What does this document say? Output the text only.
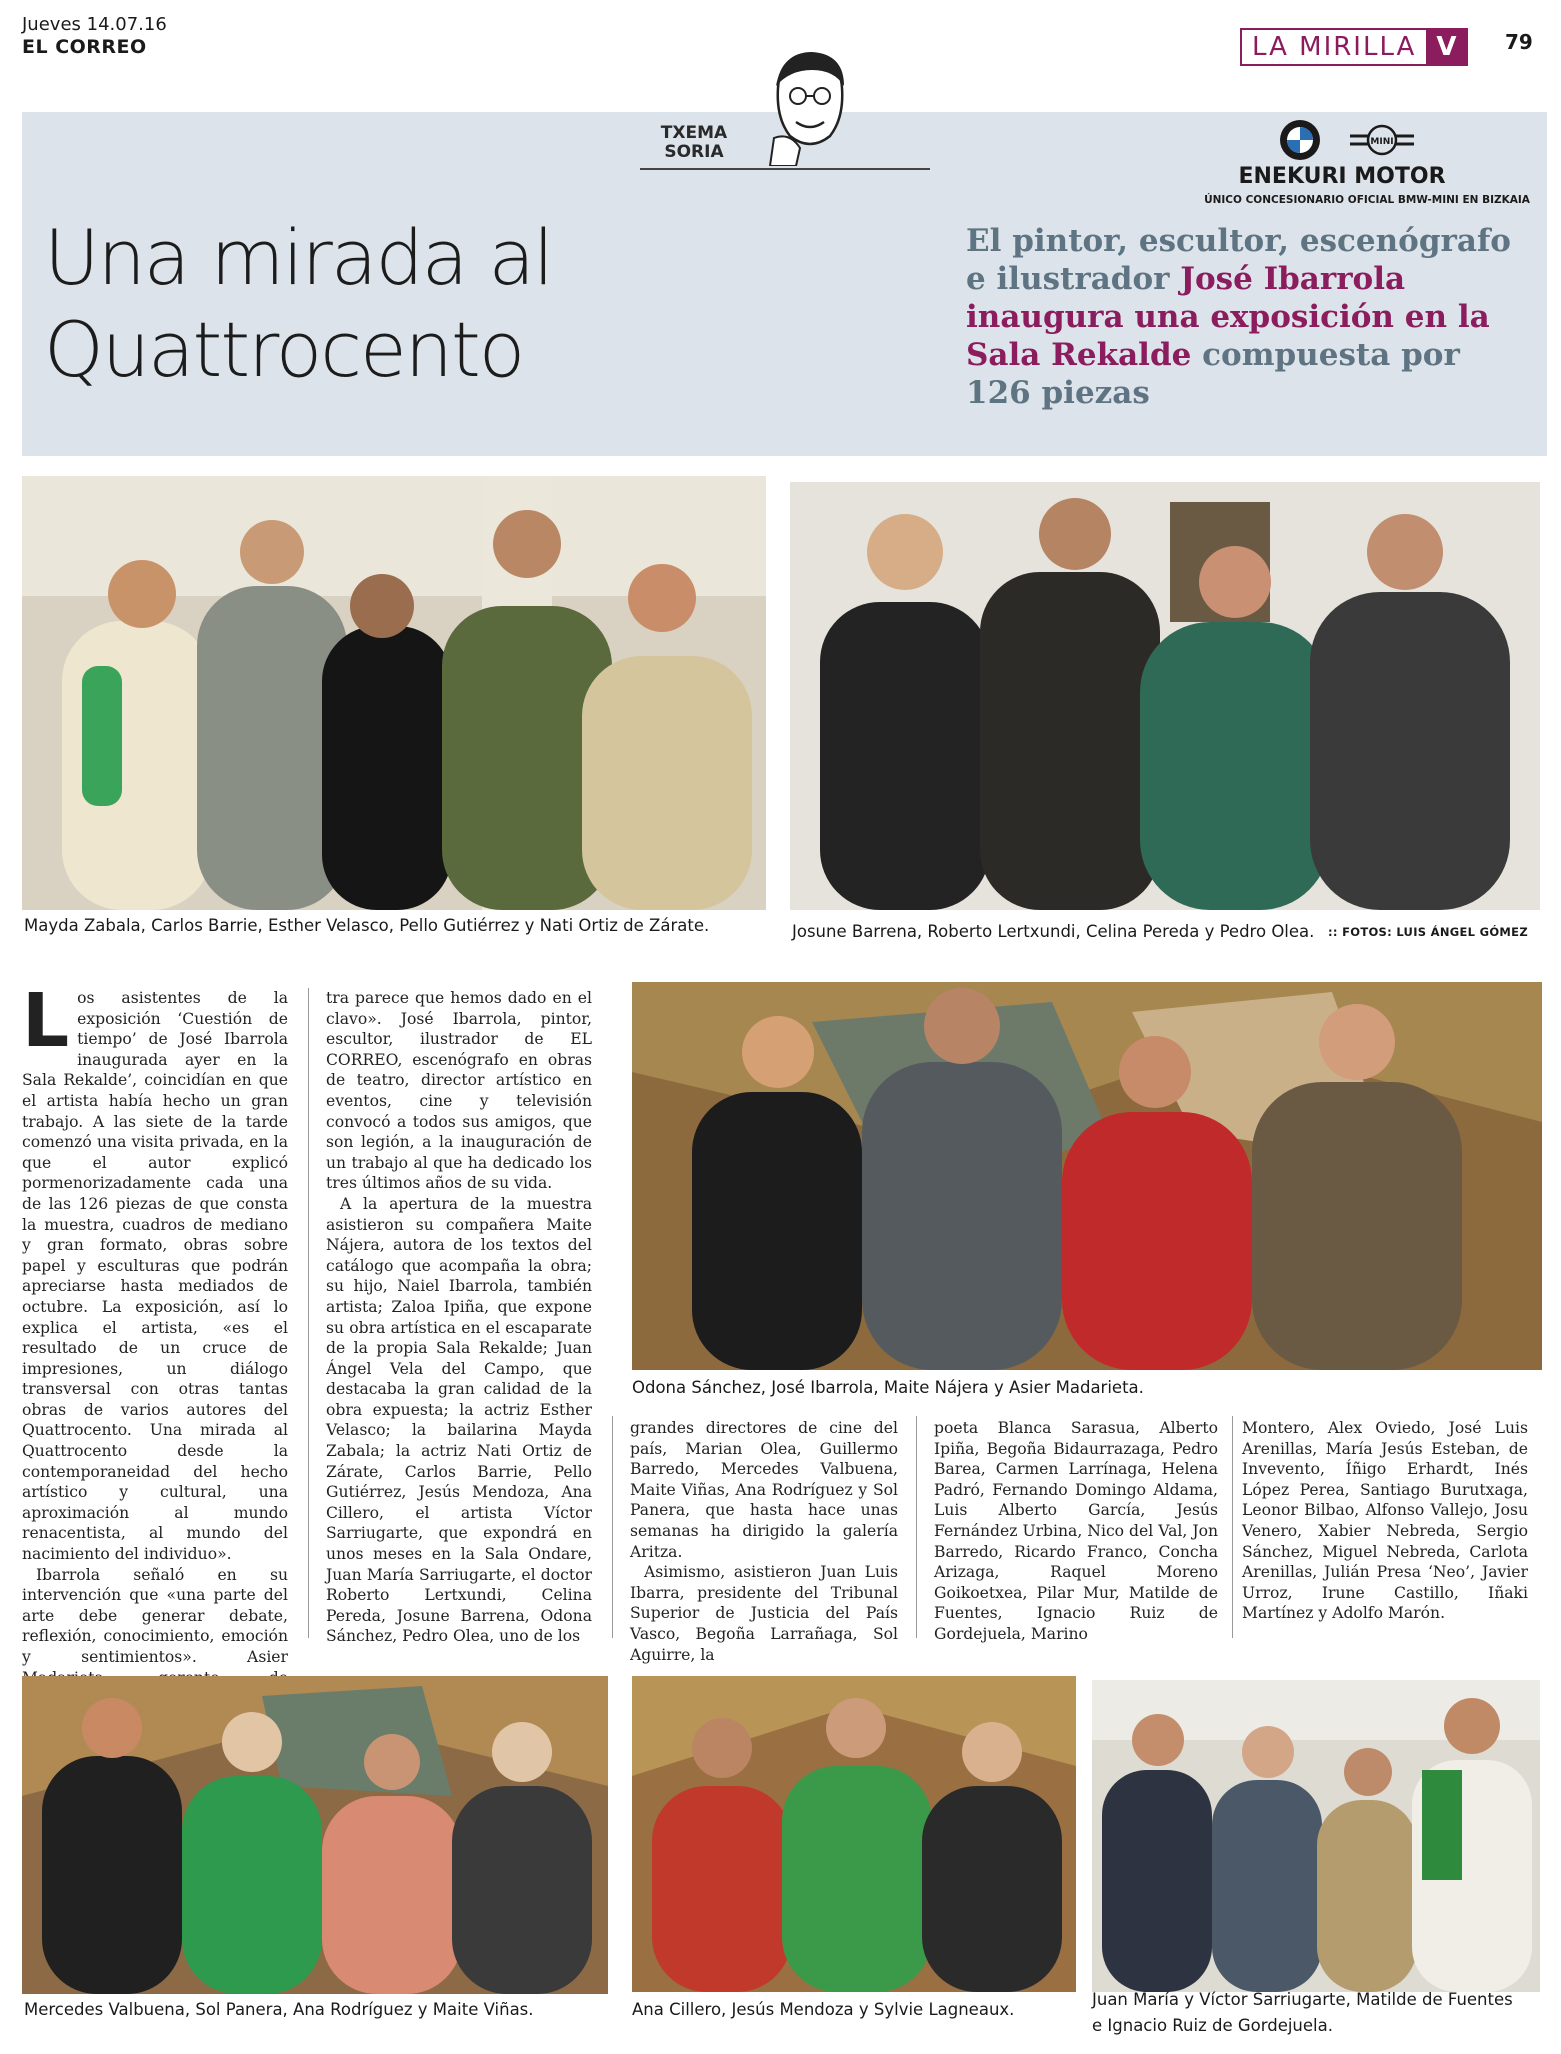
Jueves 14.07.16
EL CORREO	LA MIRILLA V	79
TXEMA
SORIA	MINI
ENEKURI MOTOR
ÚNICO CONCESIONARIO OFICIAL BMW-MINI EN BIZKAIA
Una mirada al
Quattrocento
El pintor, escultor, escenógrafo e ilustrador José Ibarrola inaugura una exposición en la Sala Rekalde compuesta por 126 piezas
Mayda Zabala, Carlos Barrie, Esther Velasco, Pello Gutiérrez y Nati Ortiz de Zárate.	Josune Barrena, Roberto Lertxundi, Celina Pereda y Pedro Olea. :: FOTOS: LUIS ÁNGEL GÓMEZ
Odona Sánchez, José Ibarrola, Maite Nájera y Asier Madarieta.
L os asistentes de la exposición ‘Cuestión de tiempo’ de José Ibarrola inaugurada ayer en la Sala Rekalde’, coincidían en que el artista había hecho un gran trabajo. A las siete de la tarde comenzó una visita privada, en la que el autor explicó pormenorizadamente cada una de las 126 piezas de que consta la muestra, cuadros de mediano y gran formato, obras sobre papel y esculturas que podrán apreciarse hasta mediados de octubre. La exposición, así lo explica el artista, «es el resultado de un cruce de impresiones, un diálogo transversal con otras tantas obras de varios autores del Quattrocento. Una mirada al Quattrocento desde la contemporaneidad del hecho artístico y cultural, una aproximación al mundo renacentista, al mundo del nacimiento del individuo».

Ibarrola señaló en su intervención que «una parte del arte debe generar debate, reflexión, conocimiento, emoción y sentimientos». Asier

tra parece que hemos dado en el clavo». José Ibarrola, pintor, escultor, ilustrador de EL CORREO, escenógrafo en obras de teatro, director artístico en eventos, cine y televisión convocó a todos sus amigos, que son legión, a la inauguración de un trabajo al que ha dedicado los tres últimos años de su vida.

A la apertura de la muestra asistieron su compañera Maite Nájera, autora de los textos del catálogo que acompaña la obra; su hijo, Naiel Ibarrola, también artista; Zaloa Ipiña, que expone su obra artística en el escaparate de la propia Sala Rekalde; Juan Ángel Vela del Campo, que destacaba la gran calidad de la obra expuesta; la actriz Esther Velasco; la bailarina Mayda Zabala; la actriz Nati Ortiz de Zárate, Carlos Barrie, Pello Gutiérrez, Jesús Mendoza, Ana Cillero, el artista Víctor Sarriugarte, que expondrá en unos meses en la Sala Ondare, Juan María Sarriugarte, el doctor Roberto Lertxundi, Celina Pereda, Josune Barrena, Odona Sánchez, Pedro Olea, uno de los

grandes directores de cine del país, Marian Olea, Guillermo Barredo, Mercedes Valbuena, Maite Viñas, Ana Rodríguez y Sol Panera, que hasta hace unas semanas ha dirigido la galería Aritza.

Asimismo, asistieron Juan Luis Ibarra, presidente del Tribunal Superior de Justicia del País Vasco, Begoña Larrañaga, Sol Aguirre, la

poeta Blanca Sarasua, Alberto Ipiña, Begoña Bidaurrazaga, Pedro Barea, Carmen Larrínaga, Helena Padró, Fernando Domingo Aldama, Luis Alberto García, Jesús Fernández Urbina, Nico del Val, Jon Barredo, Ricardo Franco, Concha Arizaga, Raquel Moreno Goikoetxea, Pilar Mur, Matilde de Fuentes, Ignacio Ruiz de Gordejuela, Marino

Montero, Alex Oviedo, José Luis Arenillas, María Jesús Esteban, de Invevento, Íñigo Erhardt, Inés López Perea, Santiago Burutxaga, Leonor Bilbao, Alfonso Vallejo, Josu Venero, Xabier Nebreda, Sergio Sánchez, Miguel Nebreda, Carlota Arenillas, Julián Presa ‘Neo’, Javier Urroz, Irune Castillo, Iñaki Martínez y Adolfo Marón.

Mercedes Valbuena, Sol Panera, Ana Rodríguez y Maite Viñas.	Ana Cillero, Jesús Mendoza y Sylvie Lagneaux.
Juan María y Víctor Sarriugarte, Matilde de Fuentes
e Ignacio Ruiz de Gordejuela.
